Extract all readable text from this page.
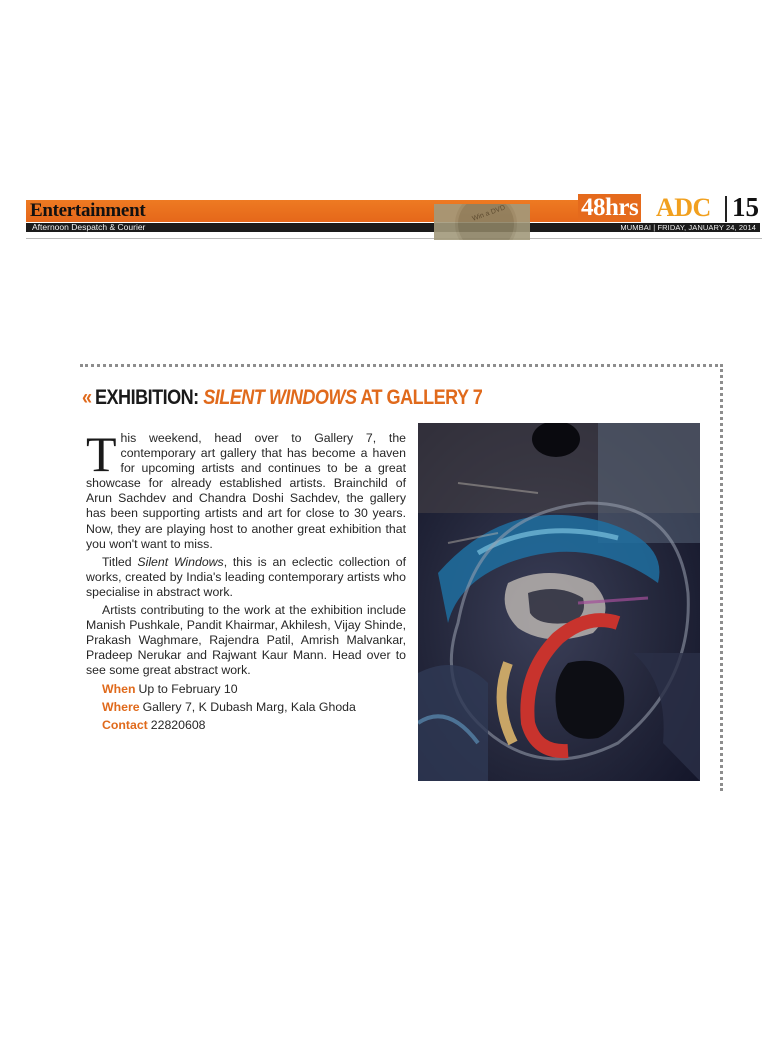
Entertainment
Afternoon Despatch & Courier	MUMBAI | FRIDAY, JANUARY 24, 2014
Win a DVD	48hrs ADC 15
« EXHIBITION: SILENT WINDOWS AT GALLERY 7

This weekend, head over to Gallery 7, the contemporary art gallery that has become a haven for upcoming artists and continues to be a great showcase for already established artists. Brainchild of Arun Sachdev and Chandra Doshi Sachdev, the gallery has been supporting artists and art for close to 30 years. Now, they are playing host to another great exhibition that you won't want to miss.

Titled Silent Windows, this is an eclectic collection of works, created by India's leading contemporary artists who specialise in abstract work.

Artists contributing to the work at the exhibition include Manish Pushkale, Pandit Khairmar, Akhilesh, Vijay Shinde, Prakash Waghmare, Rajendra Patil, Amrish Malvankar, Pradeep Nerukar and Rajwant Kaur Mann. Head over to see some great abstract work.

When Up to February 10

Where Gallery 7, K Dubash Marg, Kala Ghoda

Contact 22820608
